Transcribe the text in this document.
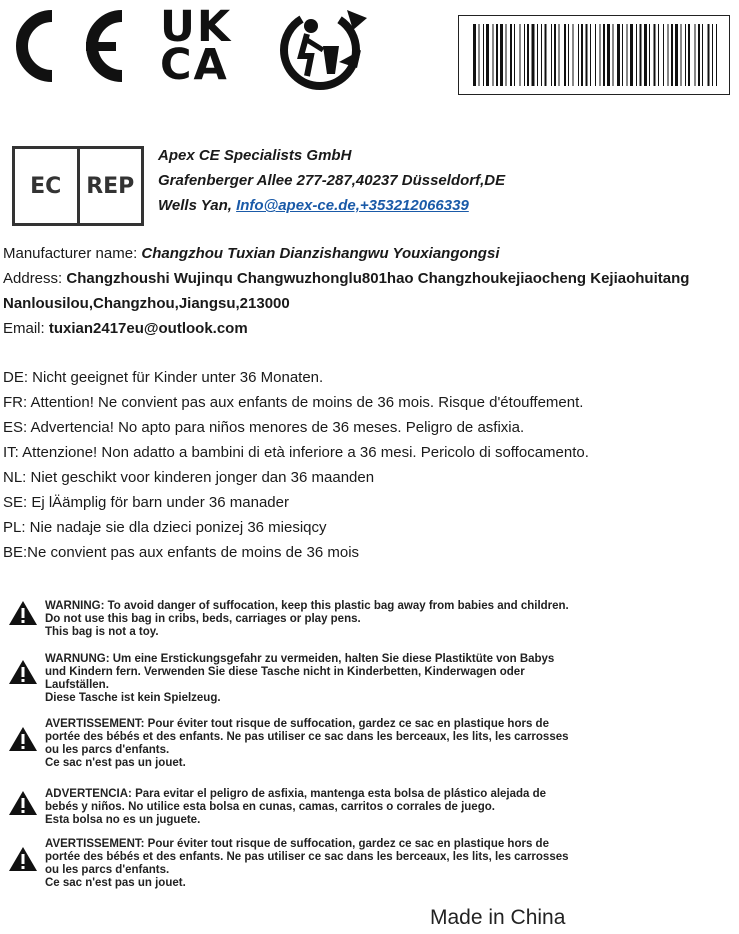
UK
CA
EC	REP
Apex CE Specialists GmbH
Grafenberger Allee 277-287,40237 Düsseldorf,DE
Wells Yan, Info@apex-ce.de,+353212066339
Manufacturer name: Changzhou Tuxian Dianzishangwu Youxiangongsi
Address: Changzhoushi Wujinqu Changwuzhonglu801hao Changzhoukejiaocheng Kejiaohuitang
Nanlousilou,Changzhou,Jiangsu,213000
Email: tuxian2417eu@outlook.com
DE: Nicht geeignet für Kinder unter 36 Monaten.
FR: Attention! Ne convient pas aux enfants de moins de 36 mois. Risque d'étouffement.
ES: Advertencia! No apto para niños menores de 36 meses. Peligro de asfixia.
IT: Attenzione! Non adatto a bambini di età inferiore a 36 mesi. Pericolo di soffocamento.
NL: Niet geschikt voor kinderen jonger dan 36 maanden
SE: Ej lÄämplig för barn under 36 manader
PL: Nie nadaje sie dla dzieci ponizej 36 miesiqcy
BE:Ne convient pas aux enfants de moins de 36 mois
WARNING: To avoid danger of suffocation, keep this plastic bag away from babies and children.
Do not use this bag in cribs, beds, carriages or play pens.
This bag is not a toy.
WARNUNG: Um eine Erstickungsgefahr zu vermeiden, halten Sie diese Plastiktüte von Babys
und Kindern fern. Verwenden Sie diese Tasche nicht in Kinderbetten, Kinderwagen oder
Laufställen.
Diese Tasche ist kein Spielzeug.
AVERTISSEMENT: Pour éviter tout risque de suffocation, gardez ce sac en plastique hors de
portée des bébés et des enfants. Ne pas utiliser ce sac dans les berceaux, les lits, les carrosses
ou les parcs d'enfants.
Ce sac n'est pas un jouet.
ADVERTENCIA: Para evitar el peligro de asfixia, mantenga esta bolsa de plástico alejada de
bebés y niños. No utilice esta bolsa en cunas, camas, carritos o corrales de juego.
Esta bolsa no es un juguete.
AVERTISSEMENT: Pour éviter tout risque de suffocation, gardez ce sac en plastique hors de
portée des bébés et des enfants. Ne pas utiliser ce sac dans les berceaux, les lits, les carrosses
ou les parcs d'enfants.
Ce sac n'est pas un jouet.
Made in China
